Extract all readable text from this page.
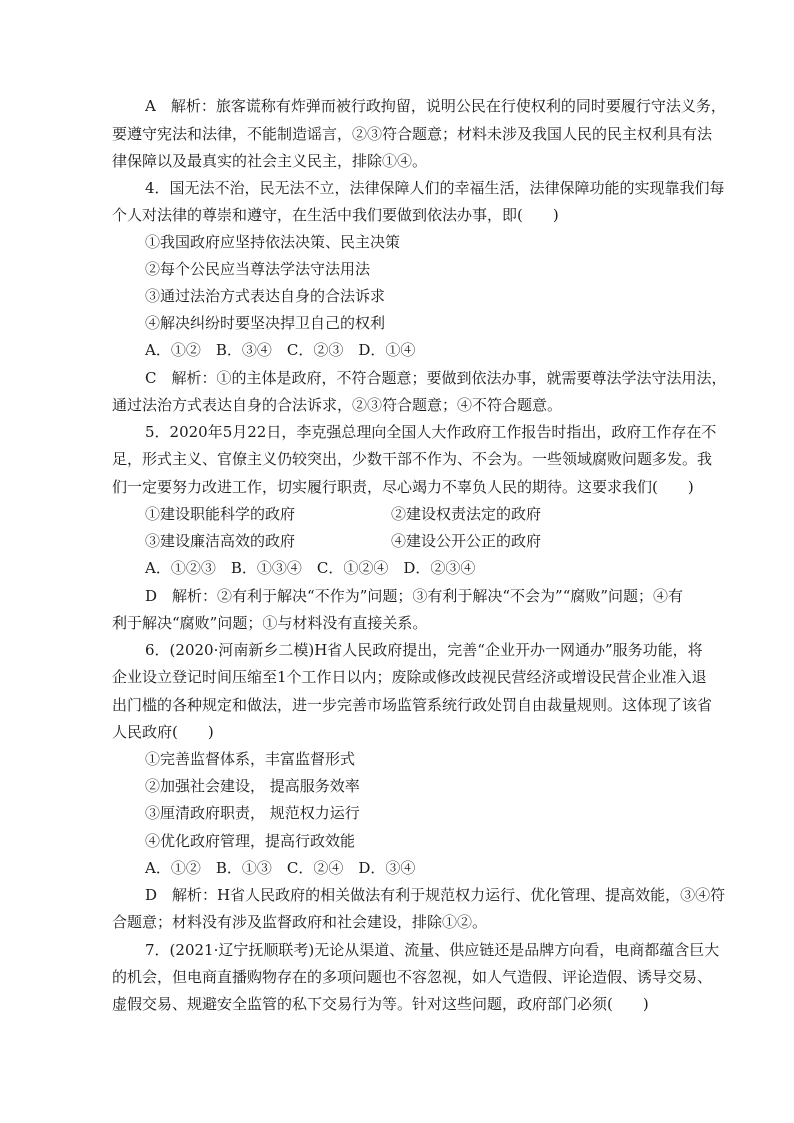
A　解析：旅客谎称有炸弹而被行政拘留，说明公民在行使权利的同时要履行守法义务，
要遵守宪法和法律，不能制造谣言，②③符合题意；材料未涉及我国人民的民主权利具有法
律保障以及最真实的社会主义民主，排除①④。
4．国无法不治，民无法不立，法律保障人们的幸福生活，法律保障功能的实现靠我们每
个人对法律的尊崇和遵守，在生活中我们要做到依法办事，即(　　)
①我国政府应坚持依法决策、民主决策
②每个公民应当尊法学法守法用法
③通过法治方式表达自身的合法诉求
④解决纠纷时要坚决捍卫自己的权利
A．①②　B．③④　C．②③　D．①④
C　解析：①的主体是政府，不符合题意；要做到依法办事，就需要尊法学法守法用法，
通过法治方式表达自身的合法诉求，②③符合题意；④不符合题意。
5．2020年5月22日，李克强总理向全国人大作政府工作报告时指出，政府工作存在不
足，形式主义、官僚主义仍较突出，少数干部不作为、不会为。一些领域腐败问题多发。我
们一定要努力改进工作，切实履行职责，尽心竭力不辜负人民的期待。这要求我们(　　)
①建设职能科学的政府	②建设权责法定的政府
③建设廉洁高效的政府	④建设公开公正的政府
A．①②③　B．①③④　C．①②④　D．②③④
D　解析：②有利于解决“不作为”问题；③有利于解决“不会为”“腐败”问题；④有
利于解决“腐败”问题；①与材料没有直接关系。
6．(2020·河南新乡二模)H省人民政府提出，完善“企业开办一网通办”服务功能，将
企业设立登记时间压缩至1个工作日以内；废除或修改歧视民营经济或增设民营企业准入退
出门槛的各种规定和做法，进一步完善市场监管系统行政处罚自由裁量规则。这体现了该省
人民政府(　　)
①完善监督体系，丰富监督形式
②加强社会建设， 提高服务效率
③厘清政府职责， 规范权力运行
④优化政府管理，提高行政效能
A．①②　B．①③　C．②④　D．③④
D　解析：H省人民政府的相关做法有利于规范权力运行、优化管理、提高效能，③④符
合题意；材料没有涉及监督政府和社会建设，排除①②。
7．(2021·辽宁抚顺联考)无论从渠道、流量、供应链还是品牌方向看，电商都蕴含巨大
的机会，但电商直播购物存在的多项问题也不容忽视，如人气造假、评论造假、诱导交易、
虚假交易、规避安全监管的私下交易行为等。针对这些问题，政府部门必须(　　)
